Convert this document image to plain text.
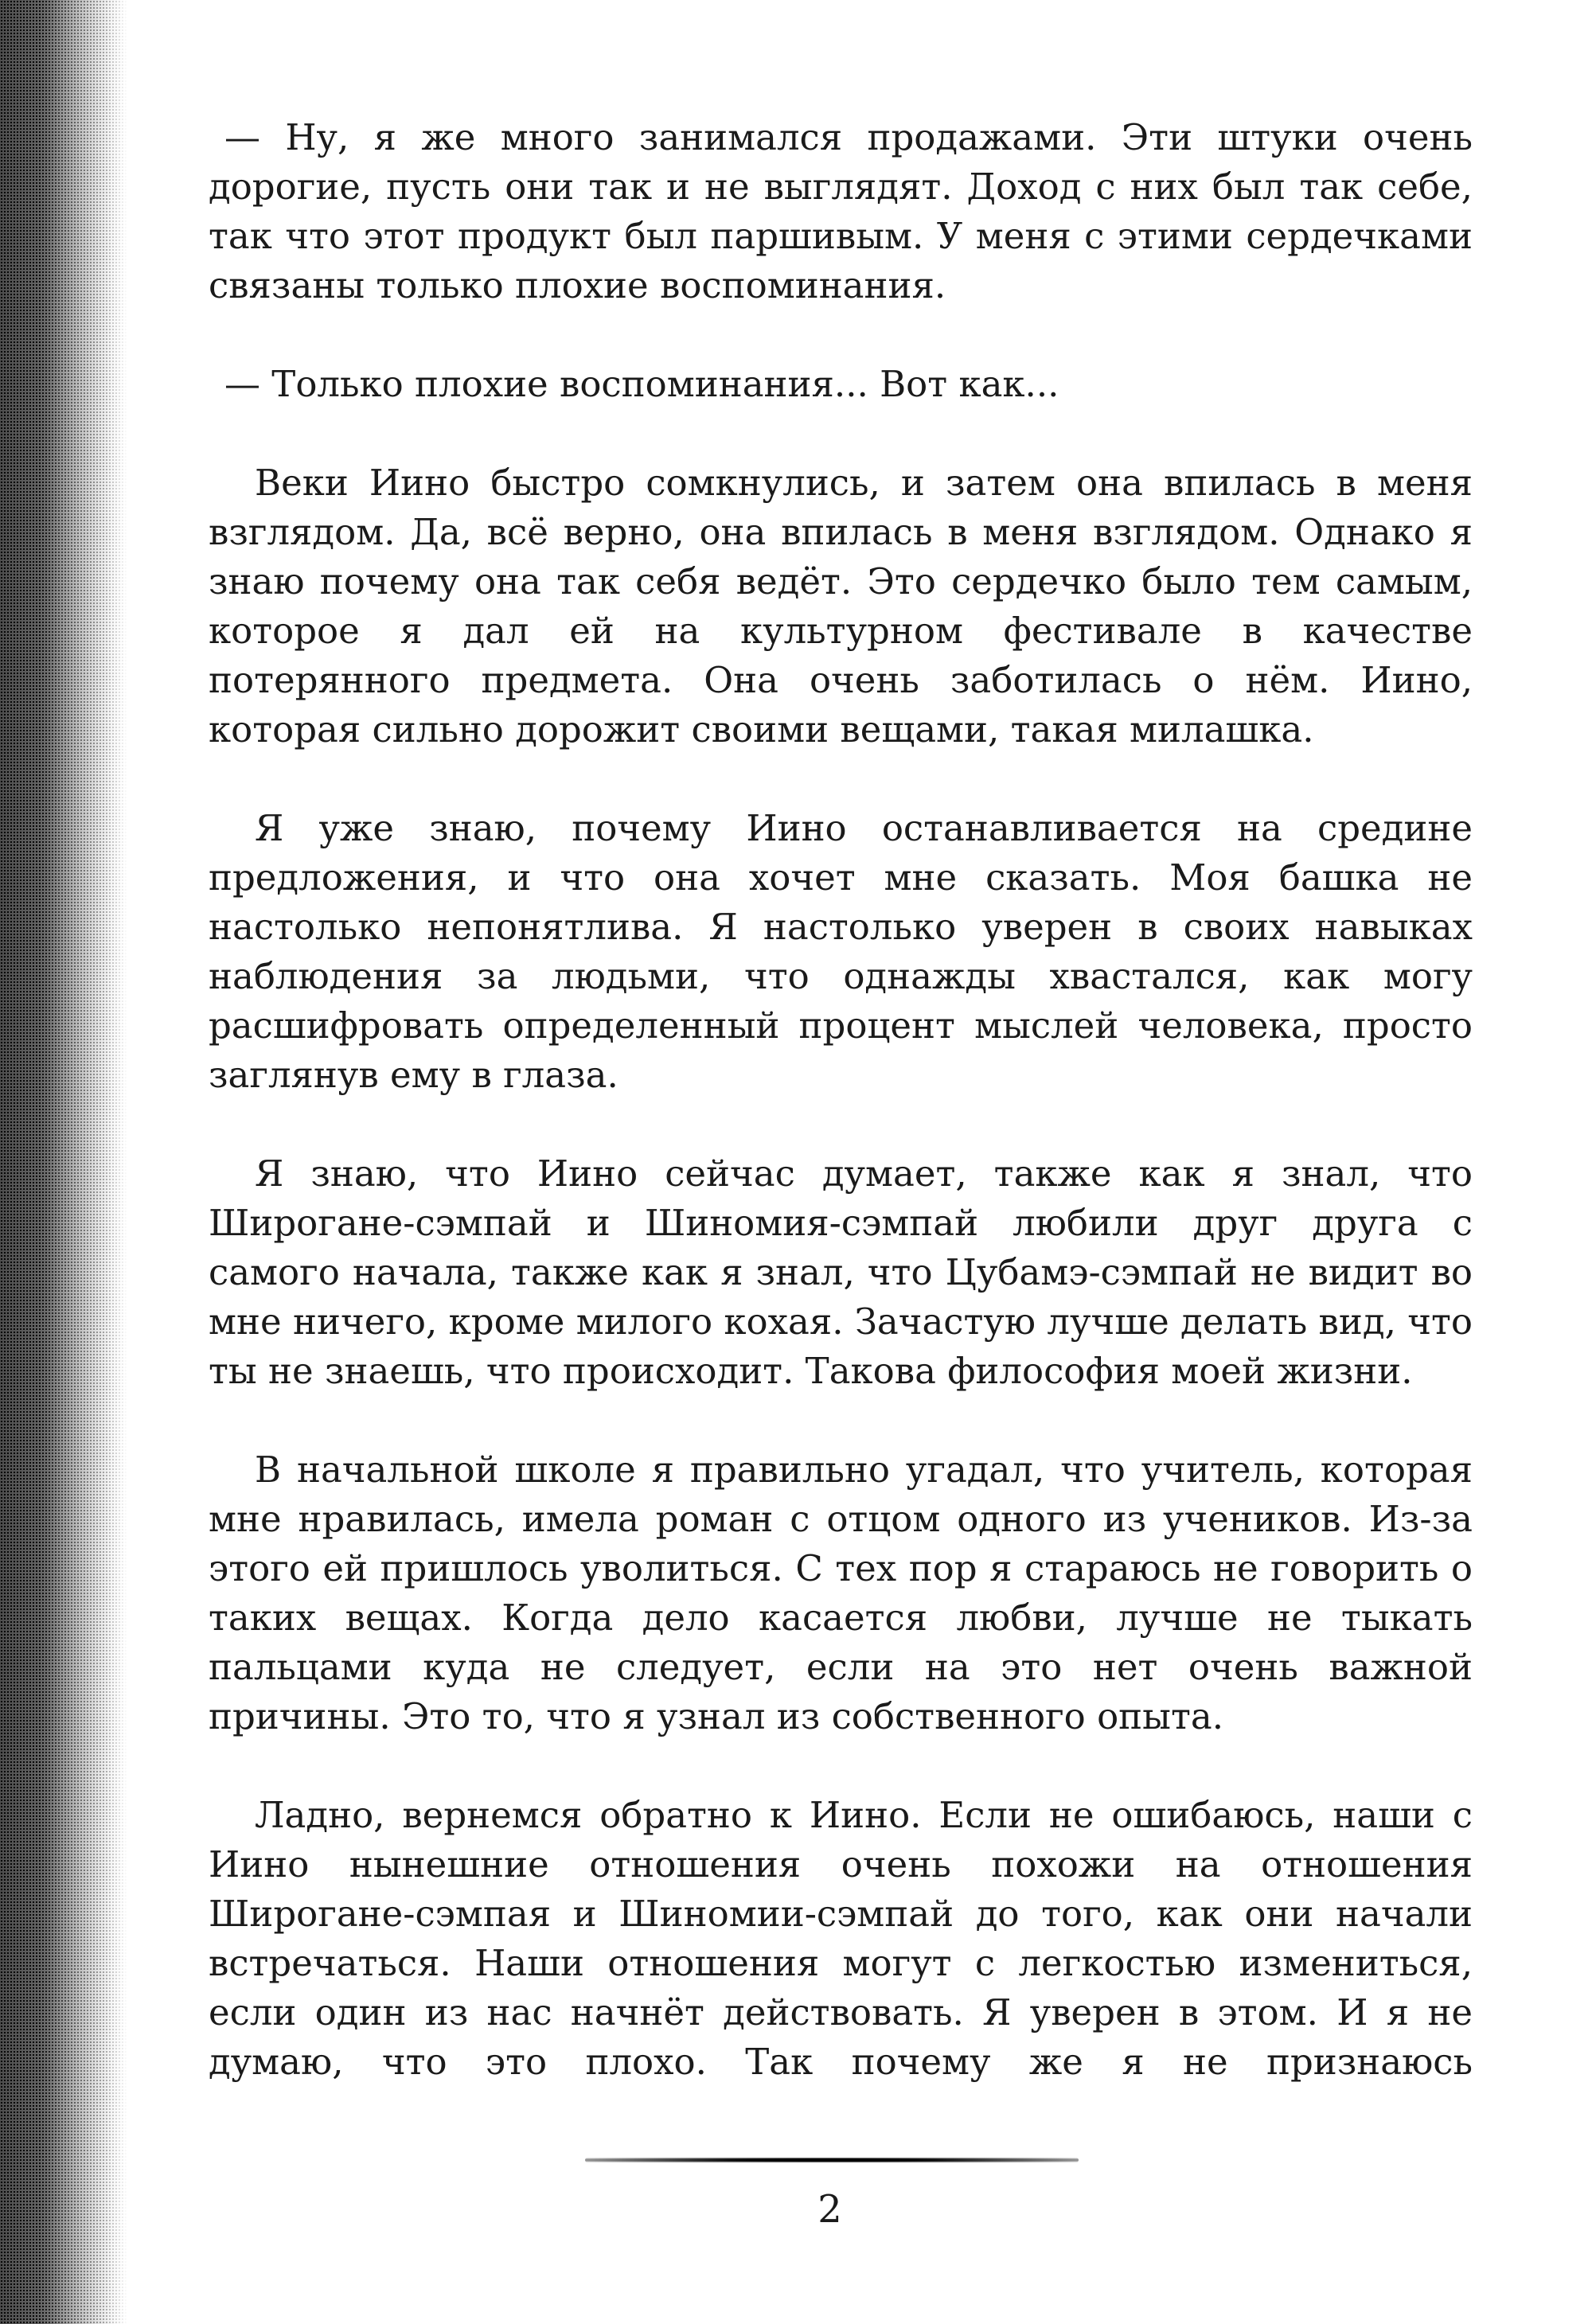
— Ну, я же много занимался продажами. Эти штуки очень дорогие, пусть они так и не выглядят. Доход с них был так себе, так что этот продукт был паршивым. У меня с этими сердечками связаны только плохие воспоминания.

— Только плохие воспоминания... Вот как...

Веки Иино быстро сомкнулись, и затем она впилась в меня взглядом. Да, всё верно, она впилась в меня взглядом. Однако я знаю почему она так себя ведёт. Это сердечко было тем самым, которое я дал ей на культурном фестивале в качестве потерянного предмета. Она очень заботилась о нём. Иино, которая сильно дорожит своими вещами, такая милашка.

Я уже знаю, почему Иино останавливается на средине предложения, и что она хочет мне сказать. Моя башка не настолько непонятлива. Я настолько уверен в своих навыках наблюдения за людьми, что однажды хвастался, как могу расшифровать определенный процент мыслей человека, просто заглянув ему в глаза.

Я знаю, что Иино сейчас думает, также как я знал, что Широгане-сэмпай и Шиномия-сэмпай любили друг друга с самого начала, также как я знал, что Цубамэ-сэмпай не видит во мне ничего, кроме милого кохая. Зачастую лучше делать вид, что ты не знаешь, что происходит. Такова философия моей жизни.

В начальной школе я правильно угадал, что учитель, которая мне нравилась, имела роман с отцом одного из учеников. Из-за этого ей пришлось уволиться. С тех пор я стараюсь не говорить о таких вещах. Когда дело касается любви, лучше не тыкать пальцами куда не следует, если на это нет очень важной причины. Это то, что я узнал из собственного опыта.

Ладно, вернемся обратно к Иино. Если не ошибаюсь, наши с Иино нынешние отношения очень похожи на отношения Широгане-сэмпая и Шиномии-сэмпай до того, как они начали встречаться. Наши отношения могут с легкостью измениться, если один из нас начнёт действовать. Я уверен в этом. И я не думаю, что это плохо. Так почему же я не признаюсь

2
